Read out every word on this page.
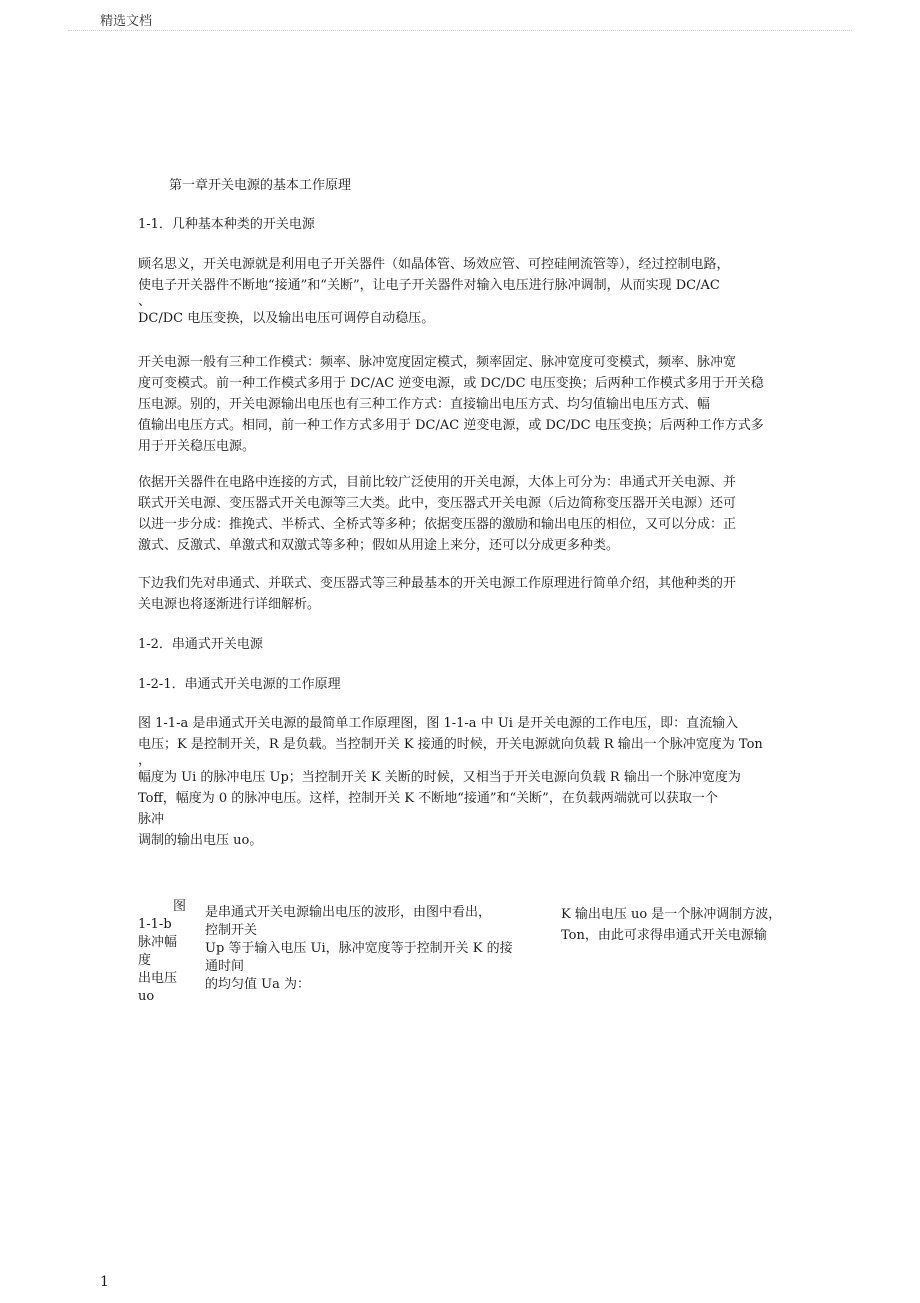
精选文档
第一章开关电源的基本工作原理
1-1．几种基本种类的开关电源

顾名思义，开关电源就是利用电子开关器件（如晶体管、场效应管、可控硅闸流管等），经过控制电路，

使电子开关器件不断地“接通”和“关断”，让电子开关器件对输入电压进行脉冲调制，从而实现 DC/AC

、

DC/DC 电压变换，以及输出电压可调停自动稳压。

开关电源一般有三种工作模式：频率、脉冲宽度固定模式，频率固定、脉冲宽度可变模式，频率、脉冲宽

度可变模式。前一种工作模式多用于 DC/AC 逆变电源，或 DC/DC 电压变换；后两种工作模式多用于开关稳

压电源。别的，开关电源输出电压也有三种工作方式：直接输出电压方式、均匀值输出电压方式、幅

值输出电压方式。相同，前一种工作方式多用于 DC/AC 逆变电源，或 DC/DC 电压变换；后两种工作方式多

用于开关稳压电源。

依据开关器件在电路中连接的方式，目前比较广泛使用的开关电源，大体上可分为：串通式开关电源、并

联式开关电源、变压器式开关电源等三大类。此中，变压器式开关电源（后边简称变压器开关电源）还可

以进一步分成：推挽式、半桥式、全桥式等多种；依据变压器的激励和输出电压的相位，又可以分成：正

激式、反激式、单激式和双激式等多种；假如从用途上来分，还可以分成更多种类。

下边我们先对串通式、并联式、变压器式等三种最基本的开关电源工作原理进行简单介绍，其他种类的开

关电源也将逐渐进行详细解析。

1-2．串通式开关电源
1-2-1．串通式开关电源的工作原理

图 1-1-a 是串通式开关电源的最简单工作原理图，图 1-1-a 中 Ui 是开关电源的工作电压，即：直流输入

电压；K 是控制开关，R 是负载。当控制开关 K 接通的时候，开关电源就向负载 R 输出一个脉冲宽度为 Ton

，

幅度为 Ui 的脉冲电压 Up；当控制开关 K 关断的时候，又相当于开关电源向负载 R 输出一个脉冲宽度为

Toff，幅度为 0 的脉冲电压。这样，控制开关 K 不断地“接通”和“关断”，在负载两端就可以获取一个

脉冲

调制的输出电压 uo。

图

1-1-b

脉冲幅

度

出电压

uo

是串通式开关电源输出电压的波形，由图中看出，

控制开关

Up 等于输入电压 Ui，脉冲宽度等于控制开关 K 的接

通时间

的均匀值 Ua 为：

K 输出电压 uo 是一个脉冲调制方波，

Ton，由此可求得串通式开关电源输

1
